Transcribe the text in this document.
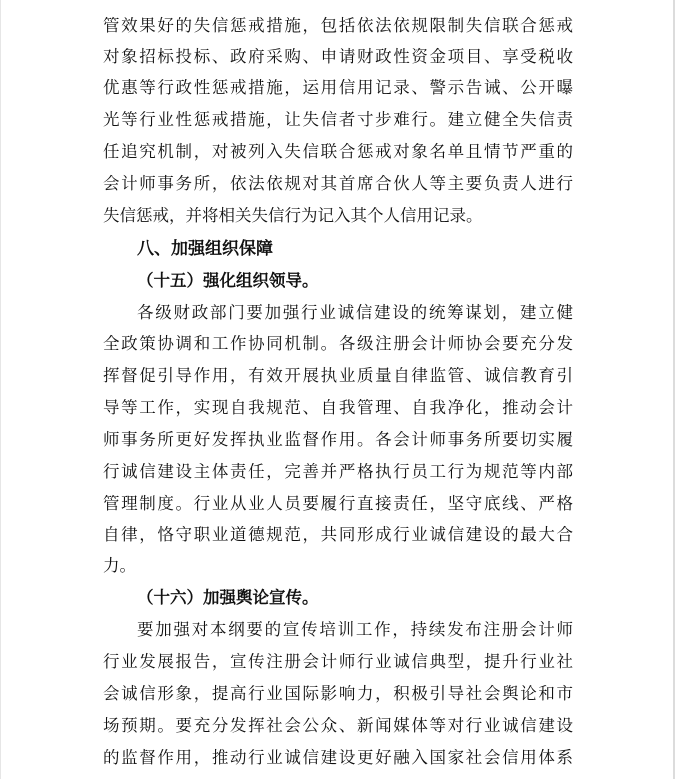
管效果好的失信惩戒措施，包括依法依规限制失信联合惩戒
对象招标投标、政府采购、申请财政性资金项目、享受税收
优惠等行政性惩戒措施，运用信用记录、警示告诫、公开曝
光等行业性惩戒措施，让失信者寸步难行。建立健全失信责
任追究机制，对被列入失信联合惩戒对象名单且情节严重的
会计师事务所，依法依规对其首席合伙人等主要负责人进行
失信惩戒，并将相关失信行为记入其个人信用记录。
八、加强组织保障
（十五）强化组织领导。
各级财政部门要加强行业诚信建设的统筹谋划，建立健
全政策协调和工作协同机制。各级注册会计师协会要充分发
挥督促引导作用，有效开展执业质量自律监管、诚信教育引
导等工作，实现自我规范、自我管理、自我净化，推动会计
师事务所更好发挥执业监督作用。各会计师事务所要切实履
行诚信建设主体责任，完善并严格执行员工行为规范等内部
管理制度。行业从业人员要履行直接责任，坚守底线、严格
自律，恪守职业道德规范，共同形成行业诚信建设的最大合
力。
（十六）加强舆论宣传。
要加强对本纲要的宣传培训工作，持续发布注册会计师
行业发展报告，宣传注册会计师行业诚信典型，提升行业社
会诚信形象，提高行业国际影响力，积极引导社会舆论和市
场预期。要充分发挥社会公众、新闻媒体等对行业诚信建设
的监督作用，推动行业诚信建设更好融入国家社会信用体系
